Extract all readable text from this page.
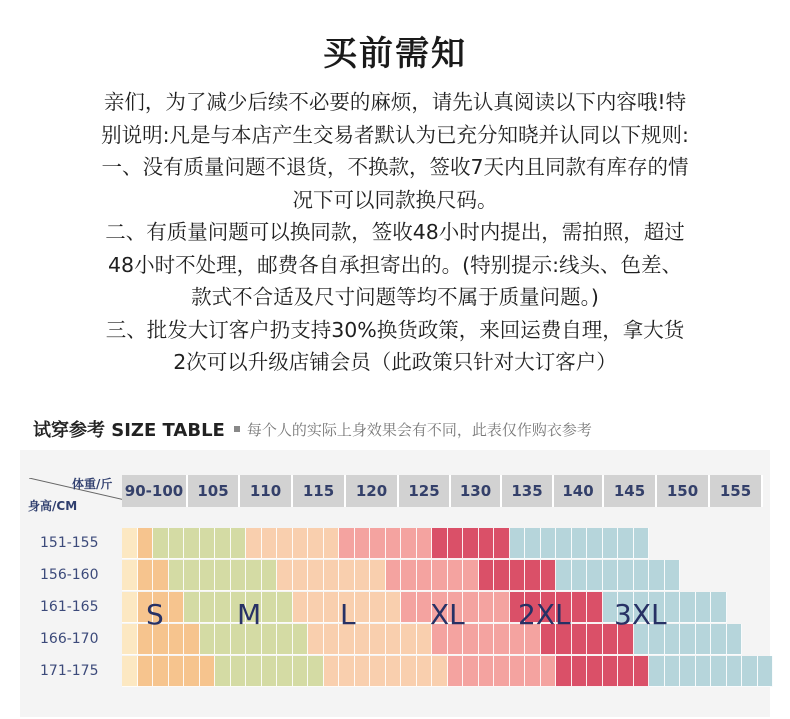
买前需知

亲们，为了减少后续不必要的麻烦，请先认真阅读以下内容哦!特

别说明:凡是与本店产生交易者默认为已充分知晓并认同以下规则:

一、没有质量问题不退货，不换款，签收7天内且同款有库存的情

况下可以同款换尺码。

二、有质量问题可以换同款，签收48小时内提出，需拍照，超过

48小时不处理，邮费各自承担寄出的。(特别提示:线头、色差、

款式不合适及尺寸问题等均不属于质量问题。)

三、批发大订客户扔支持30%换货政策，来回运费自理，拿大货

2次可以升级店铺会员（此政策只针对大订客户）

试穿参考 SIZE TABLE 每个人的实际上身效果会有不同，此表仅作购衣参考
体重/斤
身高/CM
90-100 105	110	115	120	125	130	135	140	145	150	155
151-155
156-160
161-165
166-170
171-175
S	M	L	XL 2XL 3XL
